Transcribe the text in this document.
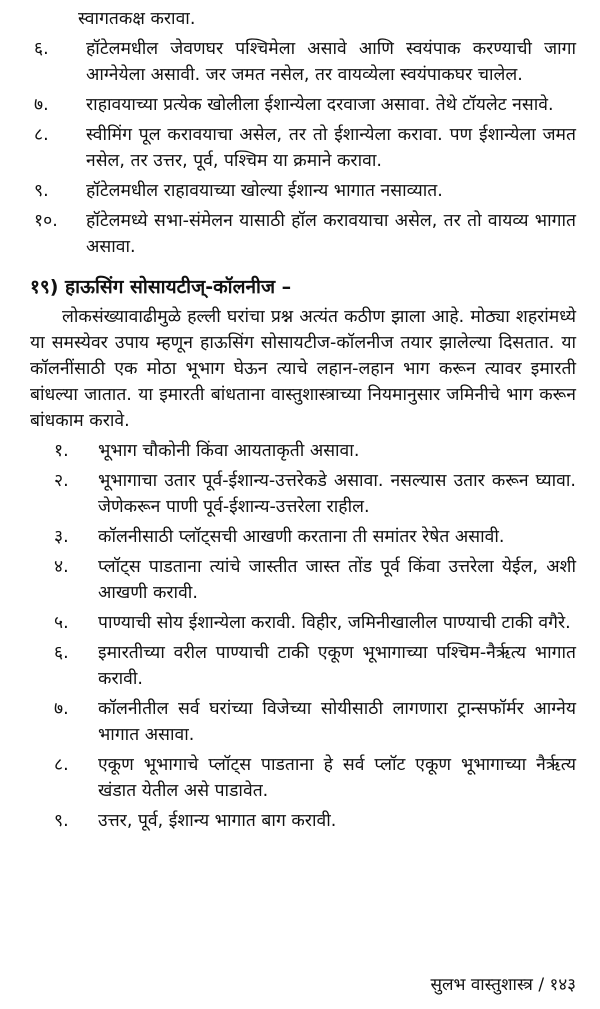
स्वागतकक्ष करावा.
६.	हॉटेलमधील जेवणघर पश्चिमेला असावे आणि स्वयंपाक करण्याची जागा आग्नेयेला असावी. जर जमत नसेल, तर वायव्येला स्वयंपाकघर चालेल.
७.	राहावयाच्या प्रत्येक खोलीला ईशान्येला दरवाजा असावा. तेथे टॉयलेट नसावे.
८.	स्वीमिंग पूल करावयाचा असेल, तर तो ईशान्येला करावा. पण ईशान्येला जमत नसेल, तर उत्तर, पूर्व, पश्चिम या क्रमाने करावा.
९.	हॉटेलमधील राहावयाच्या खोल्या ईशान्य भागात नसाव्यात.
१०.	हॉटेलमध्ये सभा-संमेलन यासाठी हॉल करावयाचा असेल, तर तो वायव्य भागात असावा.
१९) हाऊसिंग सोसायटीज्-कॉलनीज –

लोकसंख्यावाढीमुळे हल्ली घरांचा प्रश्न अत्यंत कठीण झाला आहे. मोठ्या शहरांमध्ये या समस्येवर उपाय म्हणून हाऊसिंग सोसायटीज-कॉलनीज तयार झालेल्या दिसतात. या कॉलनींसाठी एक मोठा भूभाग घेऊन त्याचे लहान-लहान भाग करून त्यावर इमारती बांधल्या जातात. या इमारती बांधताना वास्तुशास्त्राच्या नियमानुसार जमिनीचे भाग करून बांधकाम करावे.

१.	भूभाग चौकोनी किंवा आयताकृती असावा.
२.	भूभागाचा उतार पूर्व-ईशान्य-उत्तरेकडे असावा. नसल्यास उतार करून घ्यावा. जेणेकरून पाणी पूर्व-ईशान्य-उत्तरेला राहील.
३.	कॉलनीसाठी प्लॉट्सची आखणी करताना ती समांतर रेषेत असावी.
४.	प्लॉट्स पाडताना त्यांचे जास्तीत जास्त तोंड पूर्व किंवा उत्तरेला येईल, अशी आखणी करावी.
५.	पाण्याची सोय ईशान्येला करावी. विहीर, जमिनीखालील पाण्याची टाकी वगैरे.
६.	इमारतीच्या वरील पाण्याची टाकी एकूण भूभागाच्या पश्चिम-नैर्ऋत्य भागात करावी.
७.	कॉलनीतील सर्व घरांच्या विजेच्या सोयीसाठी लागणारा ट्रान्सफॉर्मर आग्नेय भागात असावा.
८.	एकूण भूभागाचे प्लॉट्स पाडताना हे सर्व प्लॉट एकूण भूभागाच्या नैर्ऋत्य खंडात येतील असे पाडावेत.
९.	उत्तर, पूर्व, ईशान्य भागात बाग करावी.
सुलभ वास्तुशास्त्र / १४३
